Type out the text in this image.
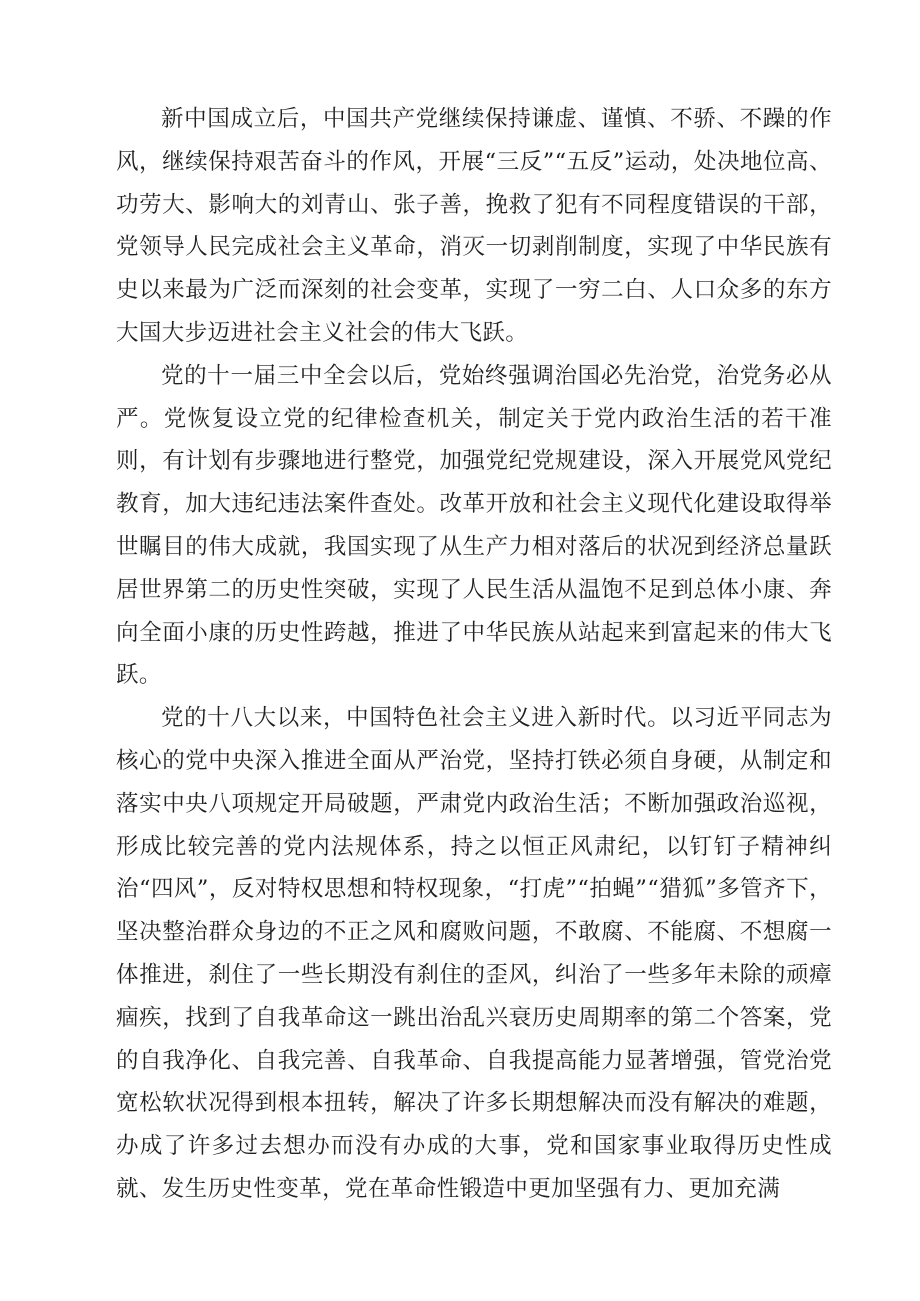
新中国成立后，中国共产党继续保持谦虚、谨慎、不骄、不躁的作风，继续保持艰苦奋斗的作风，开展“三反”“五反”运动，处决地位高、功劳大、影响大的刘青山、张子善，挽救了犯有不同程度错误的干部，党领导人民完成社会主义革命，消灭一切剥削制度，实现了中华民族有史以来最为广泛而深刻的社会变革，实现了一穷二白、人口众多的东方大国大步迈进社会主义社会的伟大飞跃。

党的十一届三中全会以后，党始终强调治国必先治党，治党务必从严。党恢复设立党的纪律检查机关，制定关于党内政治生活的若干准则，有计划有步骤地进行整党，加强党纪党规建设，深入开展党风党纪教育，加大违纪违法案件查处。改革开放和社会主义现代化建设取得举世瞩目的伟大成就，我国实现了从生产力相对落后的状况到经济总量跃居世界第二的历史性突破，实现了人民生活从温饱不足到总体小康、奔向全面小康的历史性跨越，推进了中华民族从站起来到富起来的伟大飞跃。

党的十八大以来，中国特色社会主义进入新时代。以习近平同志为核心的党中央深入推进全面从严治党，坚持打铁必须自身硬，从制定和落实中央八项规定开局破题，严肃党内政治生活；不断加强政治巡视，形成比较完善的党内法规体系，持之以恒正风肃纪，以钉钉子精神纠治“四风”，反对特权思想和特权现象，“打虎”“拍蝇”“猎狐”多管齐下，坚决整治群众身边的不正之风和腐败问题，不敢腐、不能腐、不想腐一体推进，刹住了一些长期没有刹住的歪风，纠治了一些多年未除的顽瘴痼疾，找到了自我革命这一跳出治乱兴衰历史周期率的第二个答案，党的自我净化、自我完善、自我革命、自我提高能力显著增强，管党治党宽松软状况得到根本扭转，解决了许多长期想解决而没有解决的难题，办成了许多过去想办而没有办成的大事，党和国家事业取得历史性成就、发生历史性变革，党在革命性锻造中更加坚强有力、更加充满
